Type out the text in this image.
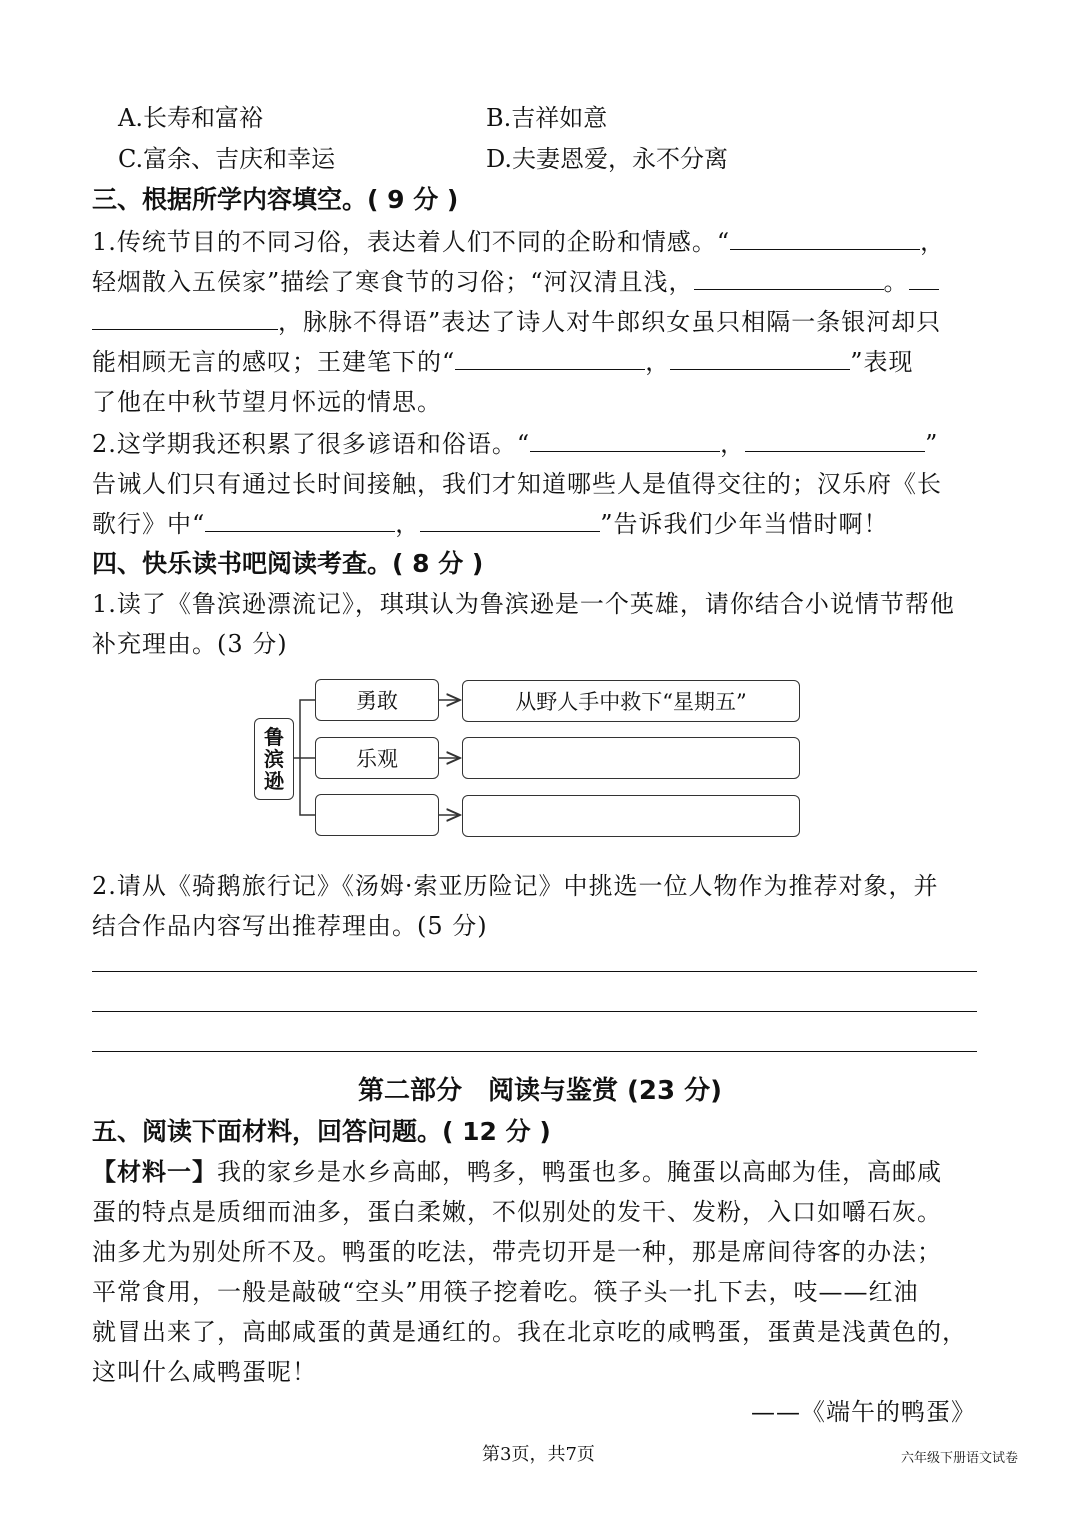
A.长寿和富裕	B.吉祥如意
C.富余、吉庆和幸运	D.夫妻恩爱，永不分离
三、根据所学内容填空。( 9 分 )
1.传统节目的不同习俗，表达着人们不同的企盼和情感。“	，
轻烟散入五侯家”描绘了寒食节的习俗；“河汉清且浅，	。
，脉脉不得语”表达了诗人对牛郎织女虽只相隔一条银河却只
能相顾无言的感叹；王建笔下的“	，	”表现
了他在中秋节望月怀远的情思。
2.这学期我还积累了很多谚语和俗语。“	，	”
告诫人们只有通过长时间接触，我们才知道哪些人是值得交往的；汉乐府《长
歌行》中“	，	”告诉我们少年当惜时啊！
四、快乐读书吧阅读考查。( 8 分 )
1.读了《鲁滨逊漂流记》，琪琪认为鲁滨逊是一个英雄，请你结合小说情节帮他
补充理由。(3 分)
鲁
滨
逊
勇敢
乐观
从野人手中救下“星期五”
2.请从《骑鹅旅行记》《汤姆·索亚历险记》中挑选一位人物作为推荐对象，并
结合作品内容写出推荐理由。(5 分)
第二部分　阅读与鉴赏 (23 分)
五、阅读下面材料，回答问题。( 12 分 )
【材料一】我的家乡是水乡高邮，鸭多，鸭蛋也多。腌蛋以高邮为佳，高邮咸
蛋的特点是质细而油多，蛋白柔嫩，不似别处的发干、发粉，入口如嚼石灰。
油多尤为别处所不及。鸭蛋的吃法，带壳切开是一种，那是席间待客的办法；
平常食用，一般是敲破“空头”用筷子挖着吃。筷子头一扎下去，吱——红油
就冒出来了，高邮咸蛋的黄是通红的。我在北京吃的咸鸭蛋，蛋黄是浅黄色的，
这叫什么咸鸭蛋呢！
——《端午的鸭蛋》
第3页，共7页	六年级下册语文试卷
